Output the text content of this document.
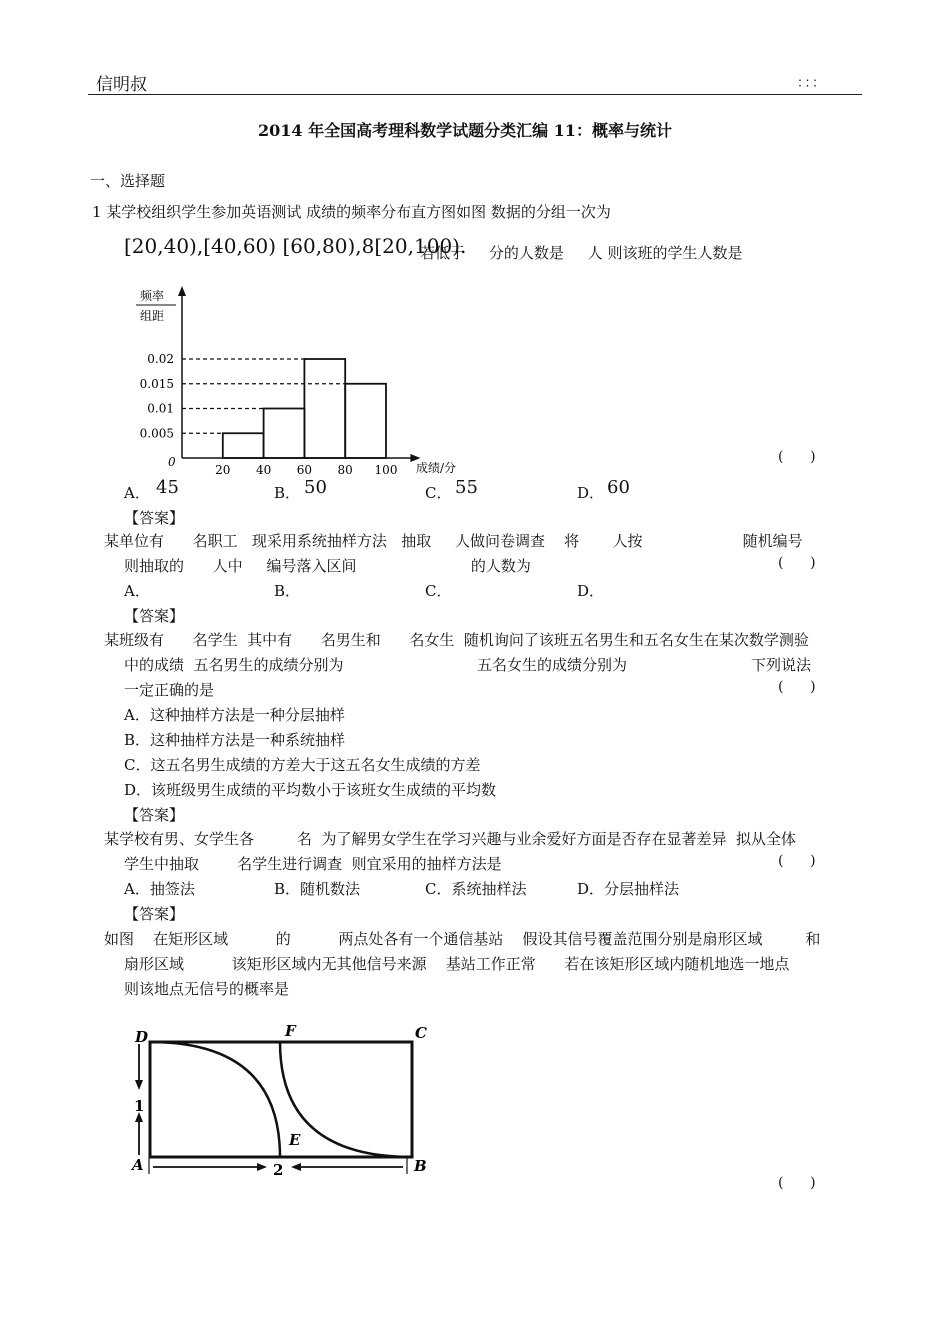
信明叔	：：：
2014 年全国高考理科数学试题分类汇编 11：概率与统计
一、选择题
1 某学校组织学生参加英语测试 成绩的频率分布直方图如图 数据的分组一次为
[20,40),[40,60) [60,80),8[20,100).
若低于     分的人数是     人 则该班的学生人数是
频率
组距
0
0.005
0.01
0.015
0.02
20 40 60 80 100 成绩/分
(      )
A． 45	B． 50	C． 55	D． 60
【答案】
某单位有      名职工   现采用系统抽样方法   抽取     人做问卷调查    将       人按                     随机编号
则抽取的      人中     编号落入区间                        的人数为	(      )
A．	B．	C．	D．
【答案】
某班级有      名学生  其中有      名男生和      名女生  随机询问了该班五名男生和五名女生在某次数学测验
中的成绩  五名男生的成绩分别为                            五名女生的成绩分别为                          下列说法
一定正确的是	(      )
A．这种抽样方法是一种分层抽样
B．这种抽样方法是一种系统抽样
C．这五名男生成绩的方差大于这五名女生成绩的方差
D．该班级男生成绩的平均数小于该班女生成绩的平均数
【答案】
某学校有男、女学生各         名  为了解男女学生在学习兴趣与业余爱好方面是否存在显著差异  拟从全体
学生中抽取        名学生进行调查  则宜采用的抽样方法是	(      )
A．抽签法	B．随机数法	C．系统抽样法	D．分层抽样法
【答案】
如图    在矩形区域          的          两点处各有一个通信基站    假设其信号覆盖范围分别是扇形区域         和
扇形区域          该矩形区域内无其他信号来源    基站工作正常      若在该矩形区域内随机地选一地点
则该地点无信号的概率是
D	F	C
E
A	B
1
2
(      )
